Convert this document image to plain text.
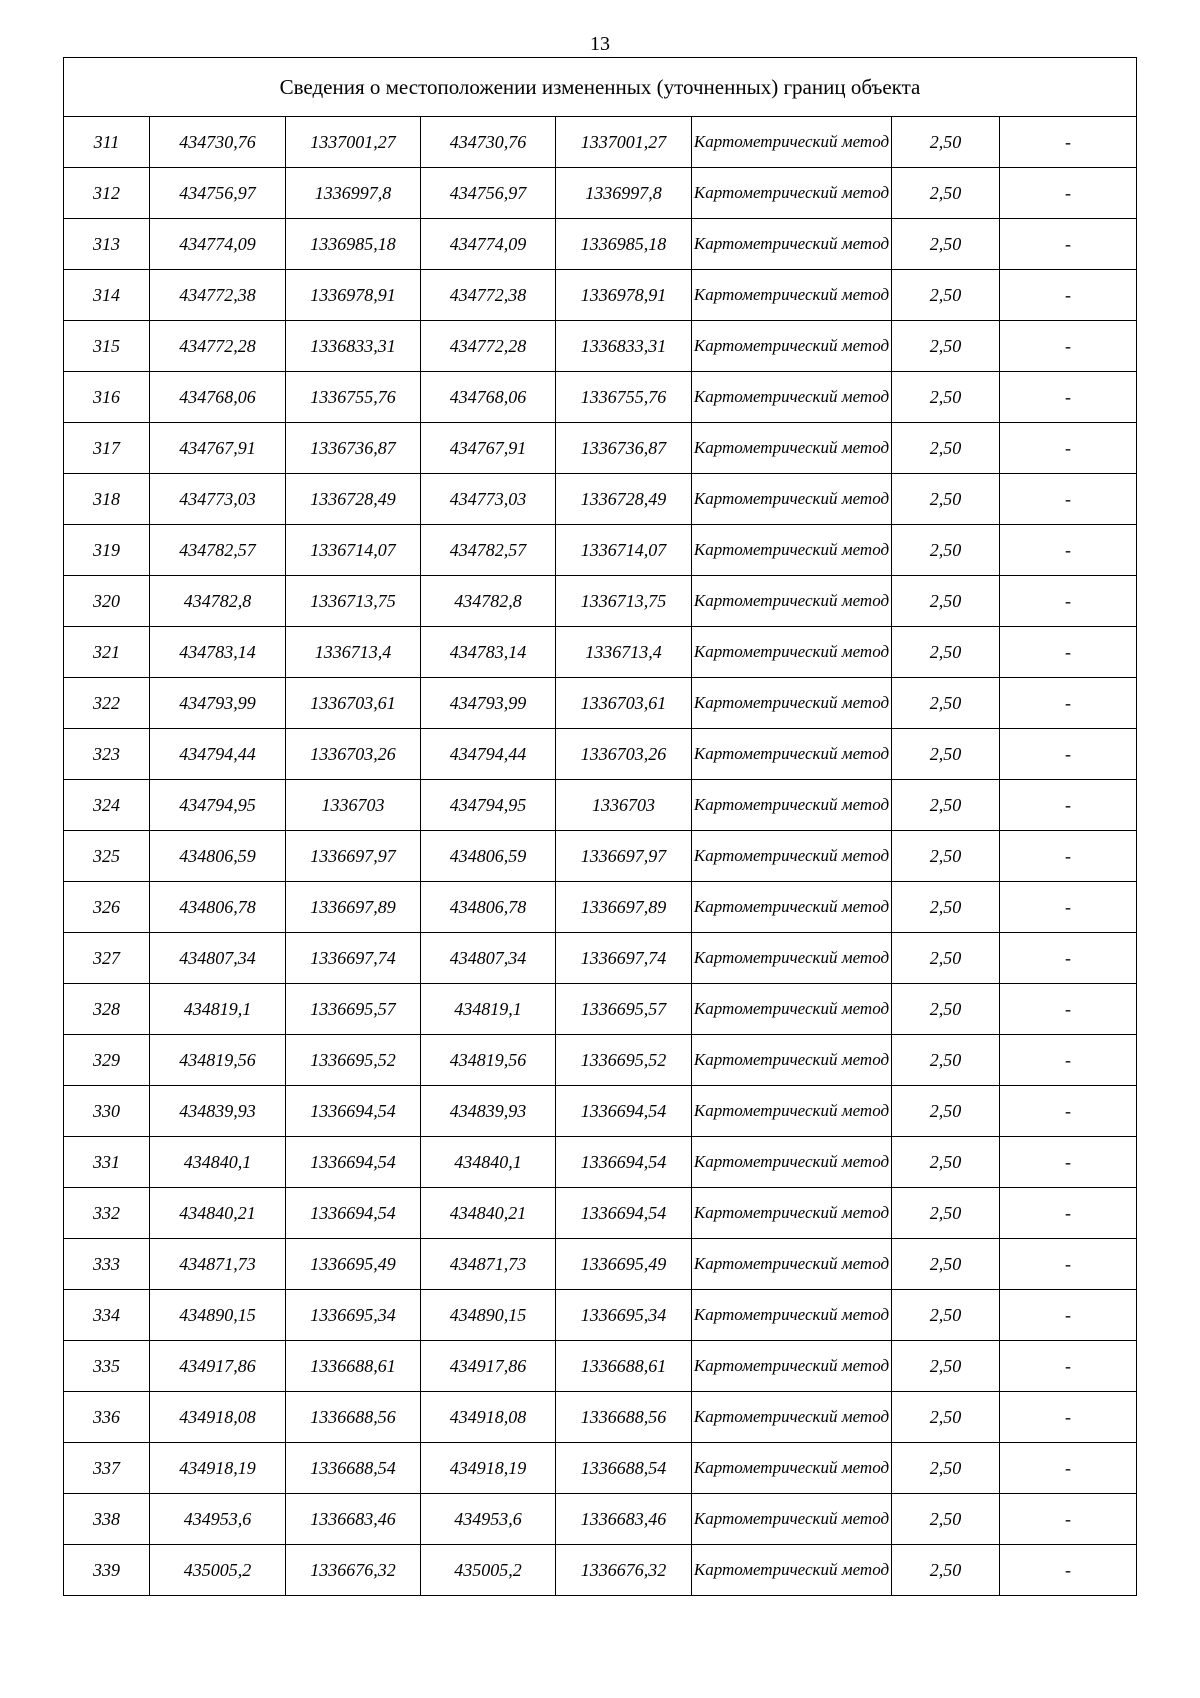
13
Сведения о местоположении измененных (уточненных) границ объекта							
311	434730,76	1337001,27	434730,76	1337001,27	Картометрический метод	2,50	-
312	434756,97	1336997,8	434756,97	1336997,8	Картометрический метод	2,50	-
313	434774,09	1336985,18	434774,09	1336985,18	Картометрический метод	2,50	-
314	434772,38	1336978,91	434772,38	1336978,91	Картометрический метод	2,50	-
315	434772,28	1336833,31	434772,28	1336833,31	Картометрический метод	2,50	-
316	434768,06	1336755,76	434768,06	1336755,76	Картометрический метод	2,50	-
317	434767,91	1336736,87	434767,91	1336736,87	Картометрический метод	2,50	-
318	434773,03	1336728,49	434773,03	1336728,49	Картометрический метод	2,50	-
319	434782,57	1336714,07	434782,57	1336714,07	Картометрический метод	2,50	-
320	434782,8	1336713,75	434782,8	1336713,75	Картометрический метод	2,50	-
321	434783,14	1336713,4	434783,14	1336713,4	Картометрический метод	2,50	-
322	434793,99	1336703,61	434793,99	1336703,61	Картометрический метод	2,50	-
323	434794,44	1336703,26	434794,44	1336703,26	Картометрический метод	2,50	-
324	434794,95	1336703	434794,95	1336703	Картометрический метод	2,50	-
325	434806,59	1336697,97	434806,59	1336697,97	Картометрический метод	2,50	-
326	434806,78	1336697,89	434806,78	1336697,89	Картометрический метод	2,50	-
327	434807,34	1336697,74	434807,34	1336697,74	Картометрический метод	2,50	-
328	434819,1	1336695,57	434819,1	1336695,57	Картометрический метод	2,50	-
329	434819,56	1336695,52	434819,56	1336695,52	Картометрический метод	2,50	-
330	434839,93	1336694,54	434839,93	1336694,54	Картометрический метод	2,50	-
331	434840,1	1336694,54	434840,1	1336694,54	Картометрический метод	2,50	-
332	434840,21	1336694,54	434840,21	1336694,54	Картометрический метод	2,50	-
333	434871,73	1336695,49	434871,73	1336695,49	Картометрический метод	2,50	-
334	434890,15	1336695,34	434890,15	1336695,34	Картометрический метод	2,50	-
335	434917,86	1336688,61	434917,86	1336688,61	Картометрический метод	2,50	-
336	434918,08	1336688,56	434918,08	1336688,56	Картометрический метод	2,50	-
337	434918,19	1336688,54	434918,19	1336688,54	Картометрический метод	2,50	-
338	434953,6	1336683,46	434953,6	1336683,46	Картометрический метод	2,50	-
339	435005,2	1336676,32	435005,2	1336676,32	Картометрический метод	2,50	-
